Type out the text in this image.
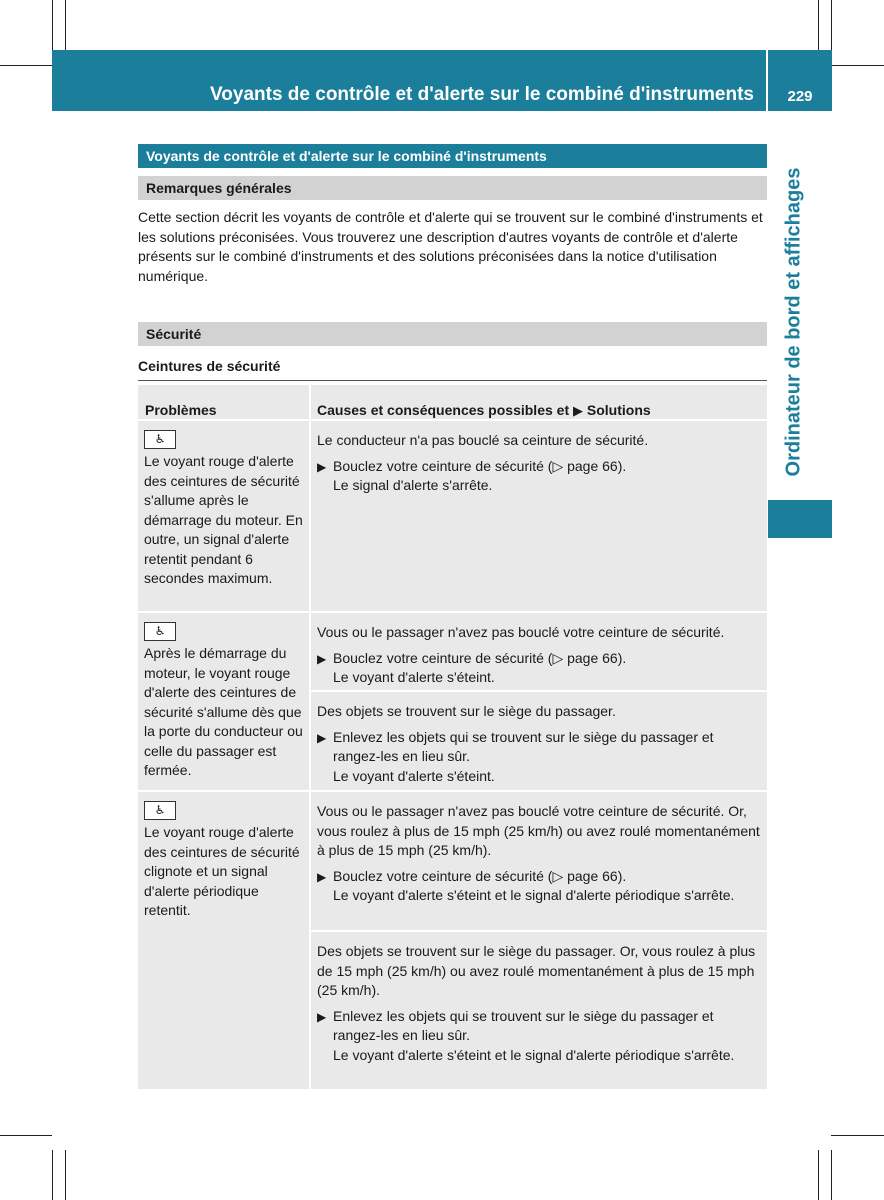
Voyants de contrôle et d'alerte sur le combiné d'instruments	229
Ordinateur de bord et affichages
Voyants de contrôle et d'alerte sur le combiné d'instruments
Remarques générales
Cette section décrit les voyants de contrôle et d'alerte qui se trouvent sur le combiné d'instruments et les solutions préconisées. Vous trouverez une description d'autres voyants de contrôle et d'alerte présents sur le combiné d'instruments et des solutions préconisées dans la notice d'utilisation numérique.
Sécurité
Ceintures de sécurité
Problèmes	Causes et conséquences possibles et ▶ Solutions
♿
Le voyant rouge d'alerte des ceintures de sécurité s'allume après le démarrage du moteur. En outre, un signal d'alerte retentit pendant 6 secondes maximum.
Le conducteur n'a pas bouclé sa ceinture de sécurité.
▶ Bouclez votre ceinture de sécurité (▷ page 66).
Le signal d'alerte s'arrête.
♿
Après le démarrage du moteur, le voyant rouge d'alerte des ceintures de sécurité s'allume dès que la porte du conducteur ou celle du passager est fermée.
Vous ou le passager n'avez pas bouclé votre ceinture de sécurité.
▶ Bouclez votre ceinture de sécurité (▷ page 66).
Le voyant d'alerte s'éteint.
Des objets se trouvent sur le siège du passager.
▶ Enlevez les objets qui se trouvent sur le siège du passager et rangez-les en lieu sûr.
Le voyant d'alerte s'éteint.
♿
Le voyant rouge d'alerte des ceintures de sécurité clignote et un signal d'alerte périodique retentit.
Vous ou le passager n'avez pas bouclé votre ceinture de sécurité. Or, vous roulez à plus de 15 mph (25 km/h) ou avez roulé momentanément à plus de 15 mph (25 km/h).
▶ Bouclez votre ceinture de sécurité (▷ page 66).
Le voyant d'alerte s'éteint et le signal d'alerte périodique s'arrête.
Des objets se trouvent sur le siège du passager. Or, vous roulez à plus de 15 mph (25 km/h) ou avez roulé momentanément à plus de 15 mph (25 km/h).
▶ Enlevez les objets qui se trouvent sur le siège du passager et rangez-les en lieu sûr.
Le voyant d'alerte s'éteint et le signal d'alerte périodique s'arrête.
